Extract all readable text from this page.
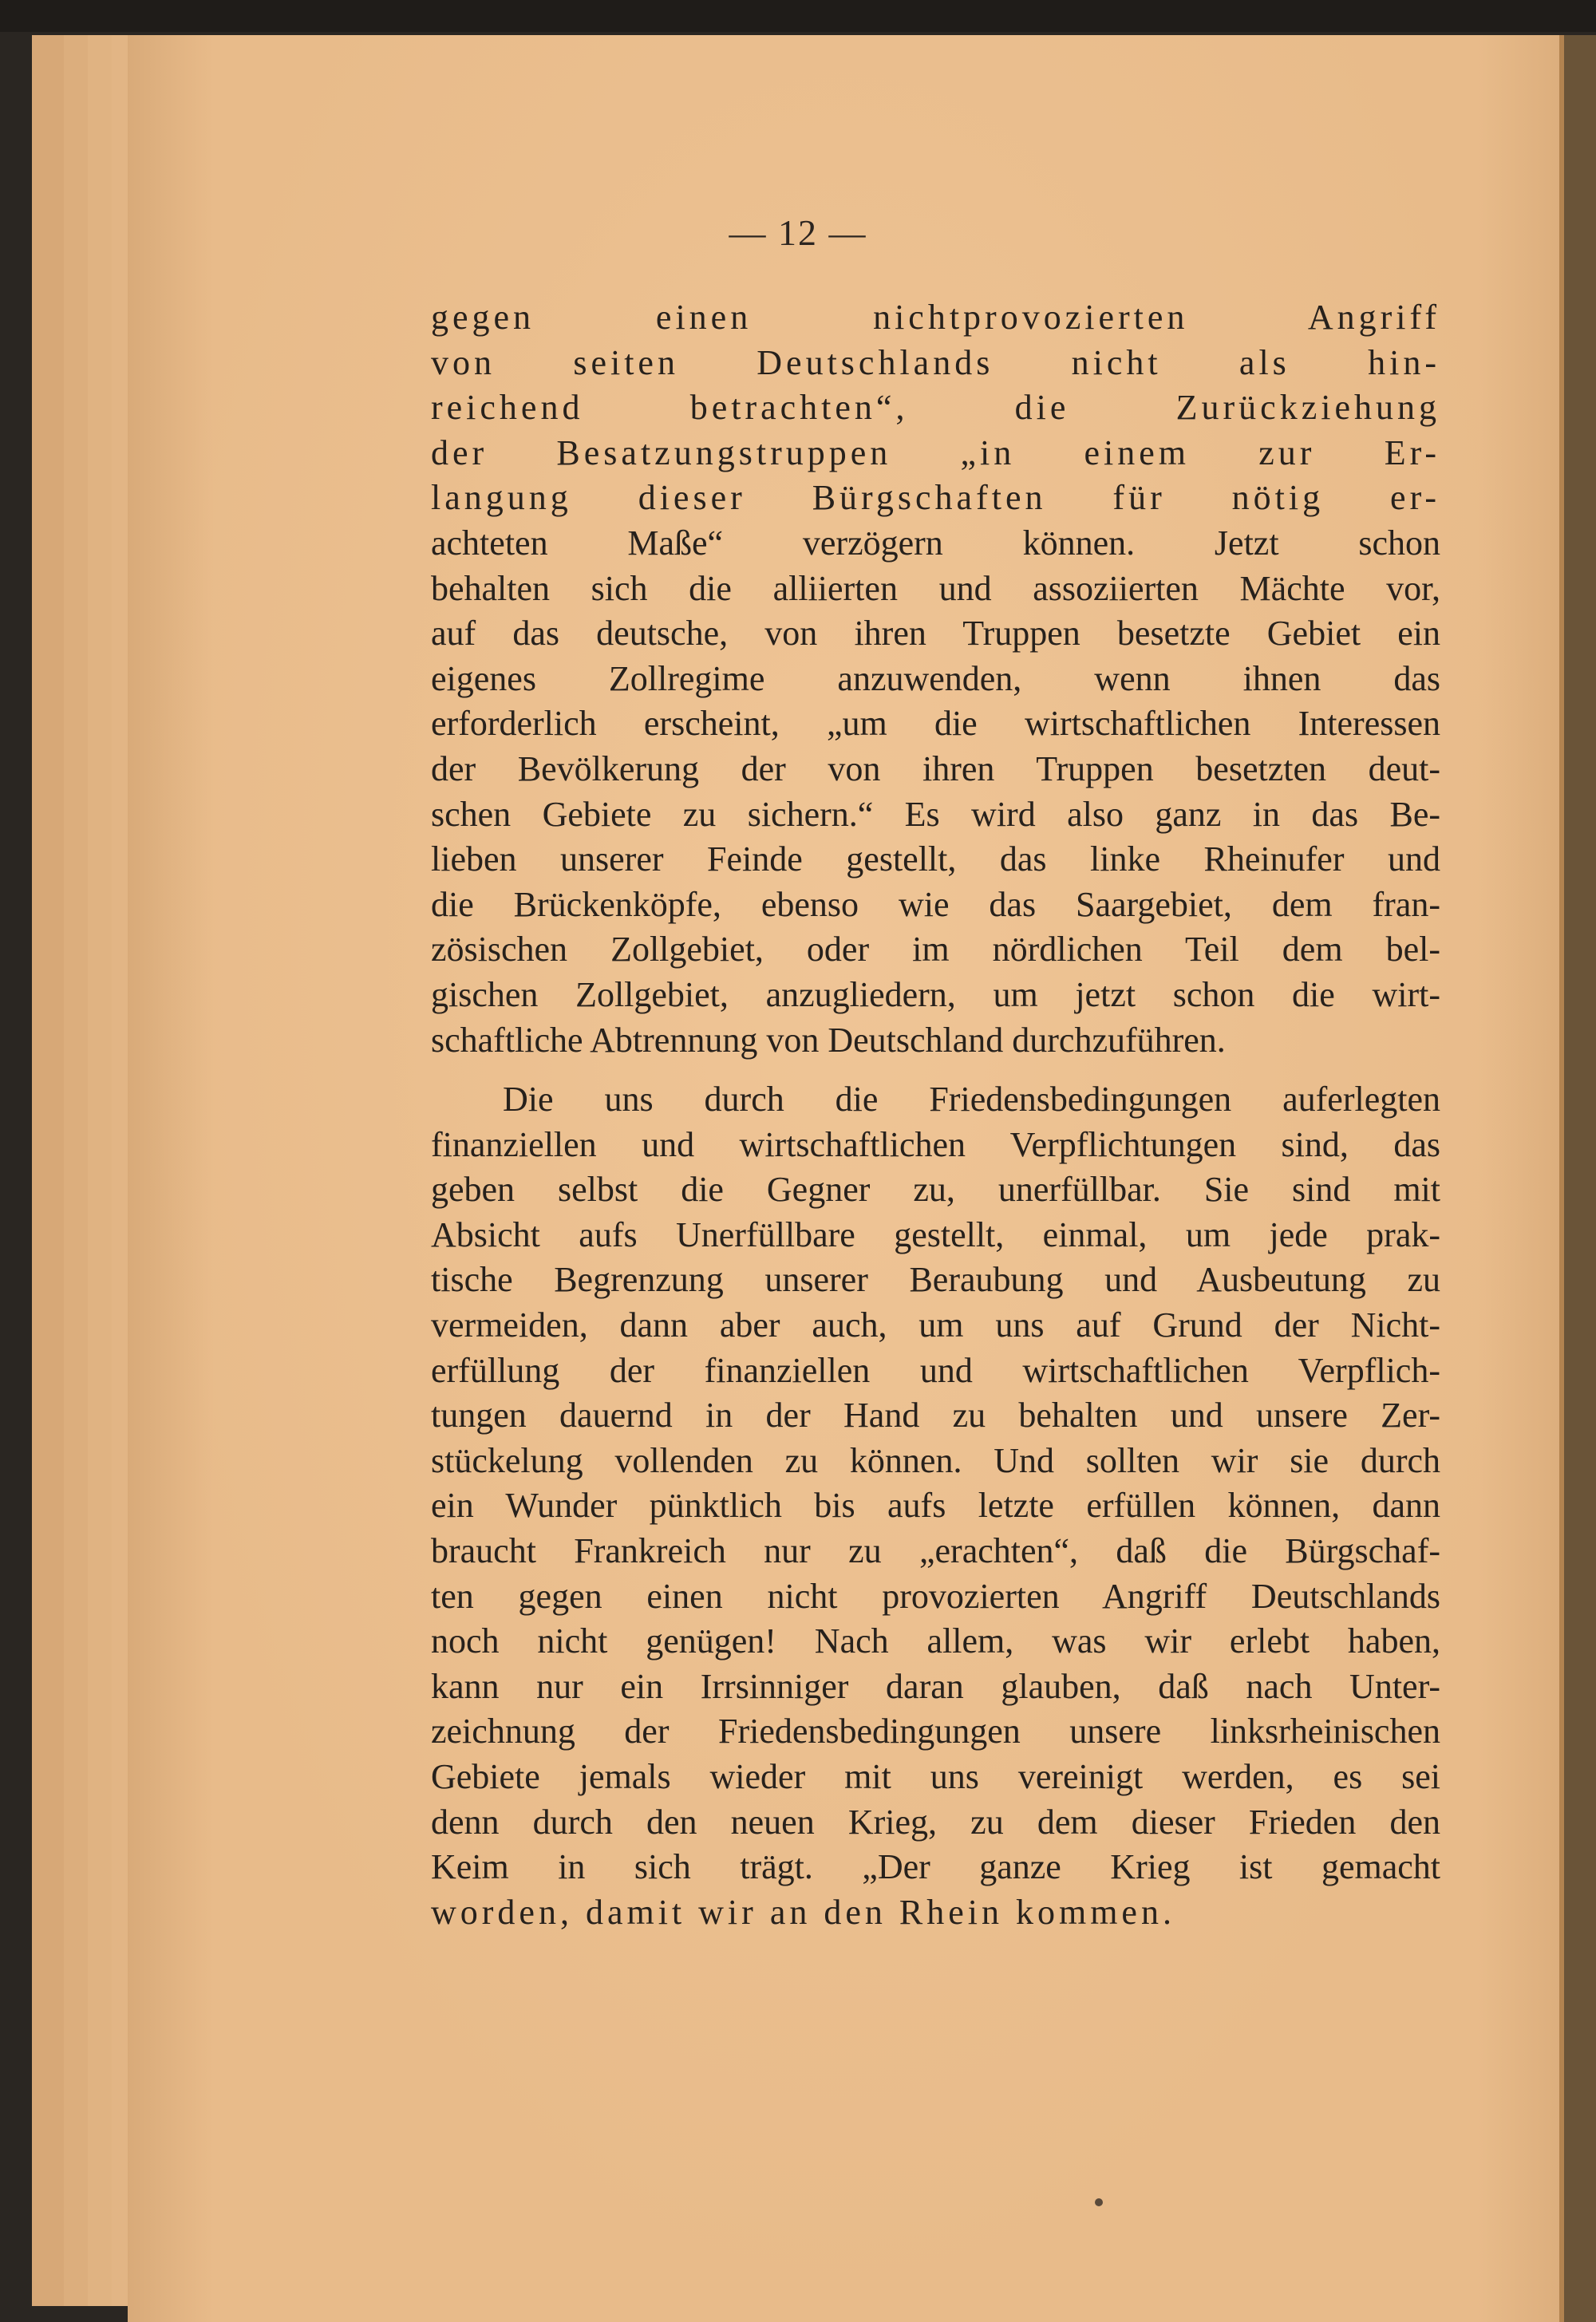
— 12 —
gegen einen nichtprovozierten Angriff
von seiten Deutschlands nicht als hin-
reichend betrachten“, die Zurückziehung
der Besatzungstruppen „in einem zur Er-
langung dieser Bürgschaften für nötig er-
achteten Maße“ verzögern können. Jetzt schon
behalten sich die alliierten und assoziierten Mächte vor,
auf das deutsche, von ihren Truppen besetzte Gebiet ein
eigenes Zollregime anzuwenden, wenn ihnen das
erforderlich erscheint, „um die wirtschaftlichen Interessen
der Bevölkerung der von ihren Truppen besetzten deut-
schen Gebiete zu sichern.“ Es wird also ganz in das Be-
lieben unserer Feinde gestellt, das linke Rheinufer und
die Brückenköpfe, ebenso wie das Saargebiet, dem fran-
zösischen Zollgebiet, oder im nördlichen Teil dem bel-
gischen Zollgebiet, anzugliedern, um jetzt schon die wirt-
schaftliche Abtrennung von Deutschland durchzuführen.
Die uns durch die Friedensbedingungen auferlegten
finanziellen und wirtschaftlichen Verpflichtungen sind, das
geben selbst die Gegner zu, unerfüllbar. Sie sind mit
Absicht aufs Unerfüllbare gestellt, einmal, um jede prak-
tische Begrenzung unserer Beraubung und Ausbeutung zu
vermeiden, dann aber auch, um uns auf Grund der Nicht-
erfüllung der finanziellen und wirtschaftlichen Verpflich-
tungen dauernd in der Hand zu behalten und unsere Zer-
stückelung vollenden zu können. Und sollten wir sie durch
ein Wunder pünktlich bis aufs letzte erfüllen können, dann
braucht Frankreich nur zu „erachten“, daß die Bürgschaf-
ten gegen einen nicht provozierten Angriff Deutschlands
noch nicht genügen! Nach allem, was wir erlebt haben,
kann nur ein Irrsinniger daran glauben, daß nach Unter-
zeichnung der Friedensbedingungen unsere linksrheinischen
Gebiete jemals wieder mit uns vereinigt werden, es sei
denn durch den neuen Krieg, zu dem dieser Frieden den
Keim in sich trägt. „Der ganze Krieg ist gemacht
worden, damit wir an den Rhein kommen.
